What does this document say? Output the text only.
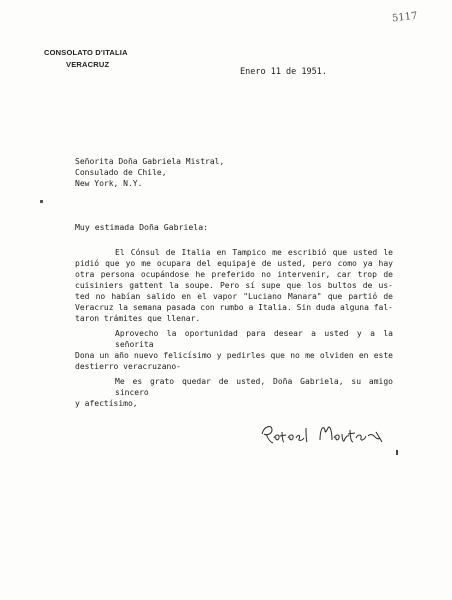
5117
CONSOLATO D'ITALIA
VERACRUZ
Enero 11 de 1951.
Señorita Doña Gabriela Mistral,
Consulado de Chile,
New York, N.Y.
Muy estimada Doña Gabriela:
El Cónsul de Italia en Tampico me escribió que usted le
pidió que yo me ocupara del equipaje de usted, pero como ya hay
otra persona ocupándose he preferido no intervenir, car trop de
cuisiniers gattent la soupe. Pero sí supe que los bultos de us-
ted no habían salido en el vapor "Luciano Manara" que partió de
Veracruz la semana pasada con rumbo a Italia. Sin duda alguna fal-
taron trámites que llenar.
Aprovecho la oportunidad para desear a usted y a la señorita
Dona un año nuevo felicísimo y pedirles que no me olviden en este
destierro veracruzano-
Me es grato quedar de usted, Doña Gabriela, su amigo sincero
y afectísimo,
